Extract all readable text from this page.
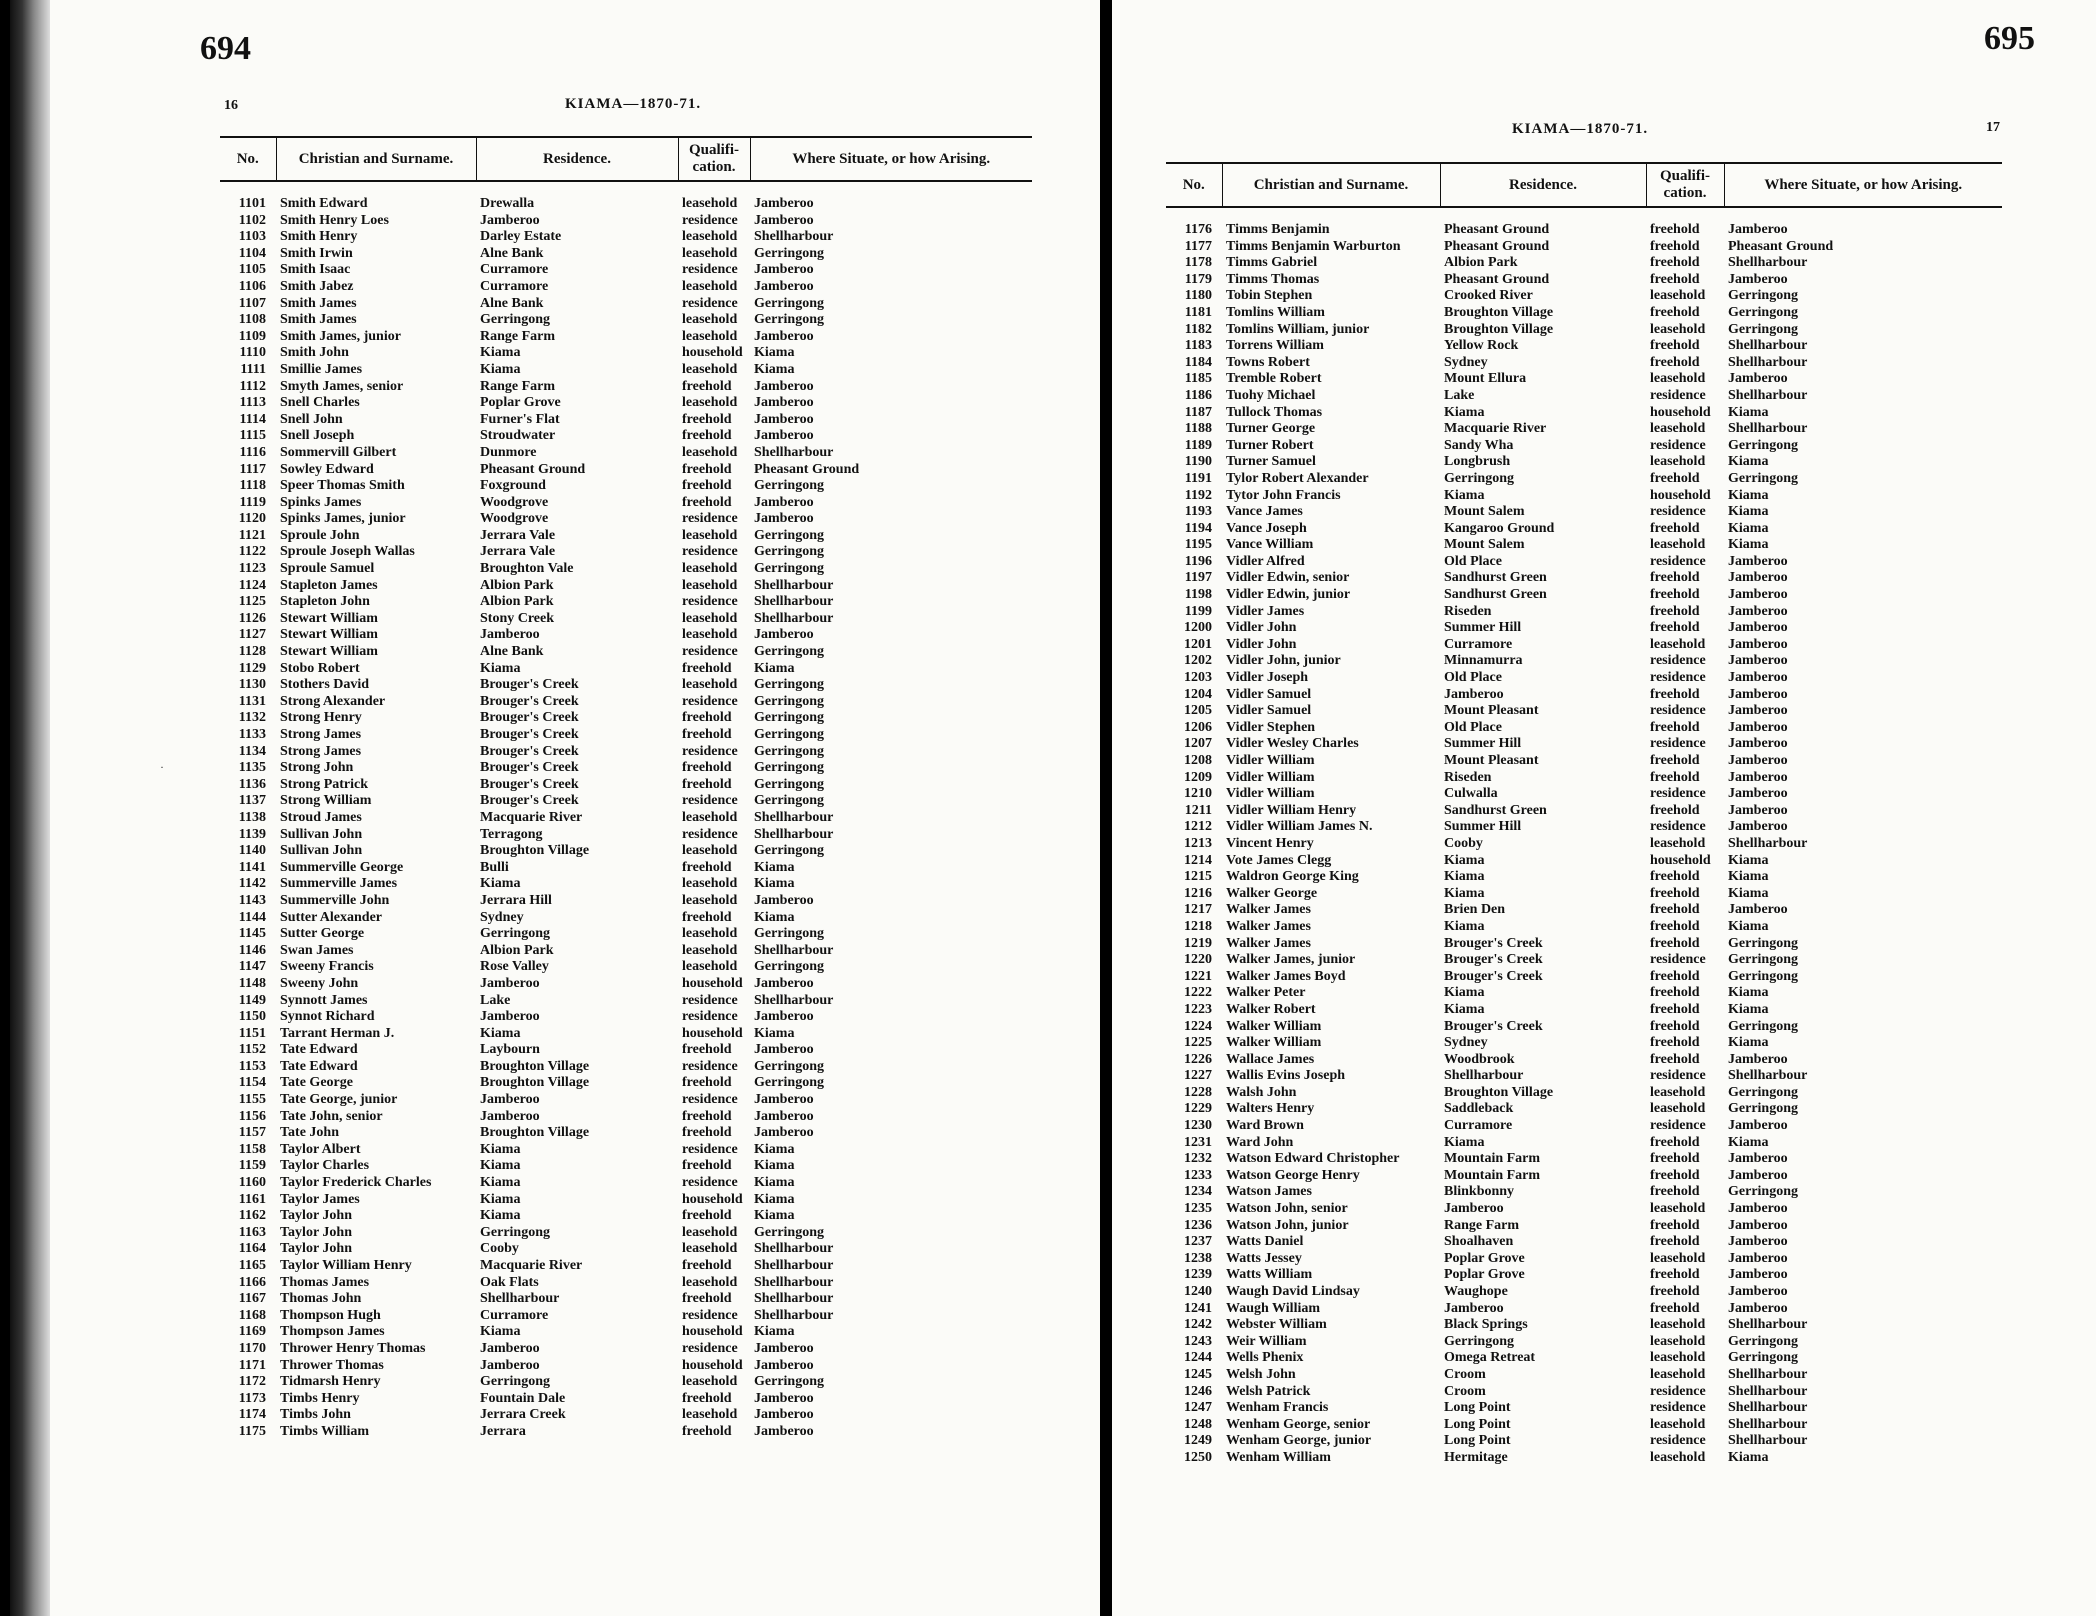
694
16	KIAMA—1870-71.
No.	Christian and Surname.	Residence.	Qualifi-cation.	Where Situate, or how Arising.

1101	Smith Edward	Drewalla	leasehold	Jamberoo
1102	Smith Henry Loes	Jamberoo	residence	Jamberoo
1103	Smith Henry	Darley Estate	leasehold	Shellharbour
1104	Smith Irwin	Alne Bank	leasehold	Gerringong
1105	Smith Isaac	Curramore	residence	Jamberoo
1106	Smith Jabez	Curramore	leasehold	Jamberoo
1107	Smith James	Alne Bank	residence	Gerringong
1108	Smith James	Gerringong	leasehold	Gerringong
1109	Smith James, junior	Range Farm	leasehold	Jamberoo
1110	Smith John	Kiama	household	Kiama
1111	Smillie James	Kiama	leasehold	Kiama
1112	Smyth James, senior	Range Farm	freehold	Jamberoo
1113	Snell Charles	Poplar Grove	leasehold	Jamberoo
1114	Snell John	Furner's Flat	freehold	Jamberoo
1115	Snell Joseph	Stroudwater	freehold	Jamberoo
1116	Sommervill Gilbert	Dunmore	leasehold	Shellharbour
1117	Sowley Edward	Pheasant Ground	freehold	Pheasant Ground
1118	Speer Thomas Smith	Foxground	freehold	Gerringong
1119	Spinks James	Woodgrove	freehold	Jamberoo
1120	Spinks James, junior	Woodgrove	residence	Jamberoo
1121	Sproule John	Jerrara Vale	leasehold	Gerringong
1122	Sproule Joseph Wallas	Jerrara Vale	residence	Gerringong
1123	Sproule Samuel	Broughton Vale	leasehold	Gerringong
1124	Stapleton James	Albion Park	leasehold	Shellharbour
1125	Stapleton John	Albion Park	residence	Shellharbour
1126	Stewart William	Stony Creek	leasehold	Shellharbour
1127	Stewart William	Jamberoo	leasehold	Jamberoo
1128	Stewart William	Alne Bank	residence	Gerringong
1129	Stobo Robert	Kiama	freehold	Kiama
1130	Stothers David	Brouger's Creek	leasehold	Gerringong
1131	Strong Alexander	Brouger's Creek	residence	Gerringong
1132	Strong Henry	Brouger's Creek	freehold	Gerringong
1133	Strong James	Brouger's Creek	freehold	Gerringong
1134	Strong James	Brouger's Creek	residence	Gerringong
1135	Strong John	Brouger's Creek	freehold	Gerringong
1136	Strong Patrick	Brouger's Creek	freehold	Gerringong
1137	Strong William	Brouger's Creek	residence	Gerringong
1138	Stroud James	Macquarie River	leasehold	Shellharbour
1139	Sullivan John	Terragong	residence	Shellharbour
1140	Sullivan John	Broughton Village	leasehold	Gerringong
1141	Summerville George	Bulli	freehold	Kiama
1142	Summerville James	Kiama	leasehold	Kiama
1143	Summerville John	Jerrara Hill	leasehold	Jamberoo
1144	Sutter Alexander	Sydney	freehold	Kiama
1145	Sutter George	Gerringong	leasehold	Gerringong
1146	Swan James	Albion Park	leasehold	Shellharbour
1147	Sweeny Francis	Rose Valley	leasehold	Gerringong
1148	Sweeny John	Jamberoo	household	Jamberoo
1149	Synnott James	Lake	residence	Shellharbour
1150	Synnot Richard	Jamberoo	residence	Jamberoo
1151	Tarrant Herman J.	Kiama	household	Kiama
1152	Tate Edward	Laybourn	freehold	Jamberoo
1153	Tate Edward	Broughton Village	residence	Gerringong
1154	Tate George	Broughton Village	freehold	Gerringong
1155	Tate George, junior	Jamberoo	residence	Jamberoo
1156	Tate John, senior	Jamberoo	freehold	Jamberoo
1157	Tate John	Broughton Village	freehold	Jamberoo
1158	Taylor Albert	Kiama	residence	Kiama
1159	Taylor Charles	Kiama	freehold	Kiama
1160	Taylor Frederick Charles	Kiama	residence	Kiama
1161	Taylor James	Kiama	household	Kiama
1162	Taylor John	Kiama	freehold	Kiama
1163	Taylor John	Gerringong	leasehold	Gerringong
1164	Taylor John	Cooby	leasehold	Shellharbour
1165	Taylor William Henry	Macquarie River	freehold	Shellharbour
1166	Thomas James	Oak Flats	leasehold	Shellharbour
1167	Thomas John	Shellharbour	freehold	Shellharbour
1168	Thompson Hugh	Curramore	residence	Shellharbour
1169	Thompson James	Kiama	household	Kiama
1170	Thrower Henry Thomas	Jamberoo	residence	Jamberoo
1171	Thrower Thomas	Jamberoo	household	Jamberoo
1172	Tidmarsh Henry	Gerringong	leasehold	Gerringong
1173	Timbs Henry	Fountain Dale	freehold	Jamberoo
1174	Timbs John	Jerrara Creek	leasehold	Jamberoo
1175	Timbs William	Jerrara	freehold	Jamberoo
·
695
17
KIAMA—1870-71.
No.	Christian and Surname.	Residence.	Qualifi-cation.	Where Situate, or how Arising.

1176	Timms Benjamin	Pheasant Ground	freehold	Jamberoo
1177	Timms Benjamin Warburton	Pheasant Ground	freehold	Pheasant Ground
1178	Timms Gabriel	Albion Park	freehold	Shellharbour
1179	Timms Thomas	Pheasant Ground	freehold	Jamberoo
1180	Tobin Stephen	Crooked River	leasehold	Gerringong
1181	Tomlins William	Broughton Village	freehold	Gerringong
1182	Tomlins William, junior	Broughton Village	leasehold	Gerringong
1183	Torrens William	Yellow Rock	freehold	Shellharbour
1184	Towns Robert	Sydney	freehold	Shellharbour
1185	Tremble Robert	Mount Ellura	leasehold	Jamberoo
1186	Tuohy Michael	Lake	residence	Shellharbour
1187	Tullock Thomas	Kiama	household	Kiama
1188	Turner George	Macquarie River	leasehold	Shellharbour
1189	Turner Robert	Sandy Wha	residence	Gerringong
1190	Turner Samuel	Longbrush	leasehold	Kiama
1191	Tylor Robert Alexander	Gerringong	freehold	Gerringong
1192	Tytor John Francis	Kiama	household	Kiama
1193	Vance James	Mount Salem	residence	Kiama
1194	Vance Joseph	Kangaroo Ground	freehold	Kiama
1195	Vance William	Mount Salem	leasehold	Kiama
1196	Vidler Alfred	Old Place	residence	Jamberoo
1197	Vidler Edwin, senior	Sandhurst Green	freehold	Jamberoo
1198	Vidler Edwin, junior	Sandhurst Green	freehold	Jamberoo
1199	Vidler James	Riseden	freehold	Jamberoo
1200	Vidler John	Summer Hill	freehold	Jamberoo
1201	Vidler John	Curramore	leasehold	Jamberoo
1202	Vidler John, junior	Minnamurra	residence	Jamberoo
1203	Vidler Joseph	Old Place	residence	Jamberoo
1204	Vidler Samuel	Jamberoo	freehold	Jamberoo
1205	Vidler Samuel	Mount Pleasant	residence	Jamberoo
1206	Vidler Stephen	Old Place	freehold	Jamberoo
1207	Vidler Wesley Charles	Summer Hill	residence	Jamberoo
1208	Vidler William	Mount Pleasant	freehold	Jamberoo
1209	Vidler William	Riseden	freehold	Jamberoo
1210	Vidler William	Culwalla	residence	Jamberoo
1211	Vidler William Henry	Sandhurst Green	freehold	Jamberoo
1212	Vidler William James N.	Summer Hill	residence	Jamberoo
1213	Vincent Henry	Cooby	leasehold	Shellharbour
1214	Vote James Clegg	Kiama	household	Kiama
1215	Waldron George King	Kiama	freehold	Kiama
1216	Walker George	Kiama	freehold	Kiama
1217	Walker James	Brien Den	freehold	Jamberoo
1218	Walker James	Kiama	freehold	Kiama
1219	Walker James	Brouger's Creek	freehold	Gerringong
1220	Walker James, junior	Brouger's Creek	residence	Gerringong
1221	Walker James Boyd	Brouger's Creek	freehold	Gerringong
1222	Walker Peter	Kiama	freehold	Kiama
1223	Walker Robert	Kiama	freehold	Kiama
1224	Walker William	Brouger's Creek	freehold	Gerringong
1225	Walker William	Sydney	freehold	Kiama
1226	Wallace James	Woodbrook	freehold	Jamberoo
1227	Wallis Evins Joseph	Shellharbour	residence	Shellharbour
1228	Walsh John	Broughton Village	leasehold	Gerringong
1229	Walters Henry	Saddleback	leasehold	Gerringong
1230	Ward Brown	Curramore	residence	Jamberoo
1231	Ward John	Kiama	freehold	Kiama
1232	Watson Edward Christopher	Mountain Farm	freehold	Jamberoo
1233	Watson George Henry	Mountain Farm	freehold	Jamberoo
1234	Watson James	Blinkbonny	freehold	Gerringong
1235	Watson John, senior	Jamberoo	leasehold	Jamberoo
1236	Watson John, junior	Range Farm	freehold	Jamberoo
1237	Watts Daniel	Shoalhaven	freehold	Jamberoo
1238	Watts Jessey	Poplar Grove	leasehold	Jamberoo
1239	Watts William	Poplar Grove	freehold	Jamberoo
1240	Waugh David Lindsay	Waughope	freehold	Jamberoo
1241	Waugh William	Jamberoo	freehold	Jamberoo
1242	Webster William	Black Springs	leasehold	Shellharbour
1243	Weir William	Gerringong	leasehold	Gerringong
1244	Wells Phenix	Omega Retreat	leasehold	Gerringong
1245	Welsh John	Croom	leasehold	Shellharbour
1246	Welsh Patrick	Croom	residence	Shellharbour
1247	Wenham Francis	Long Point	residence	Shellharbour
1248	Wenham George, senior	Long Point	leasehold	Shellharbour
1249	Wenham George, junior	Long Point	residence	Shellharbour
1250	Wenham William	Hermitage	leasehold	Kiama
